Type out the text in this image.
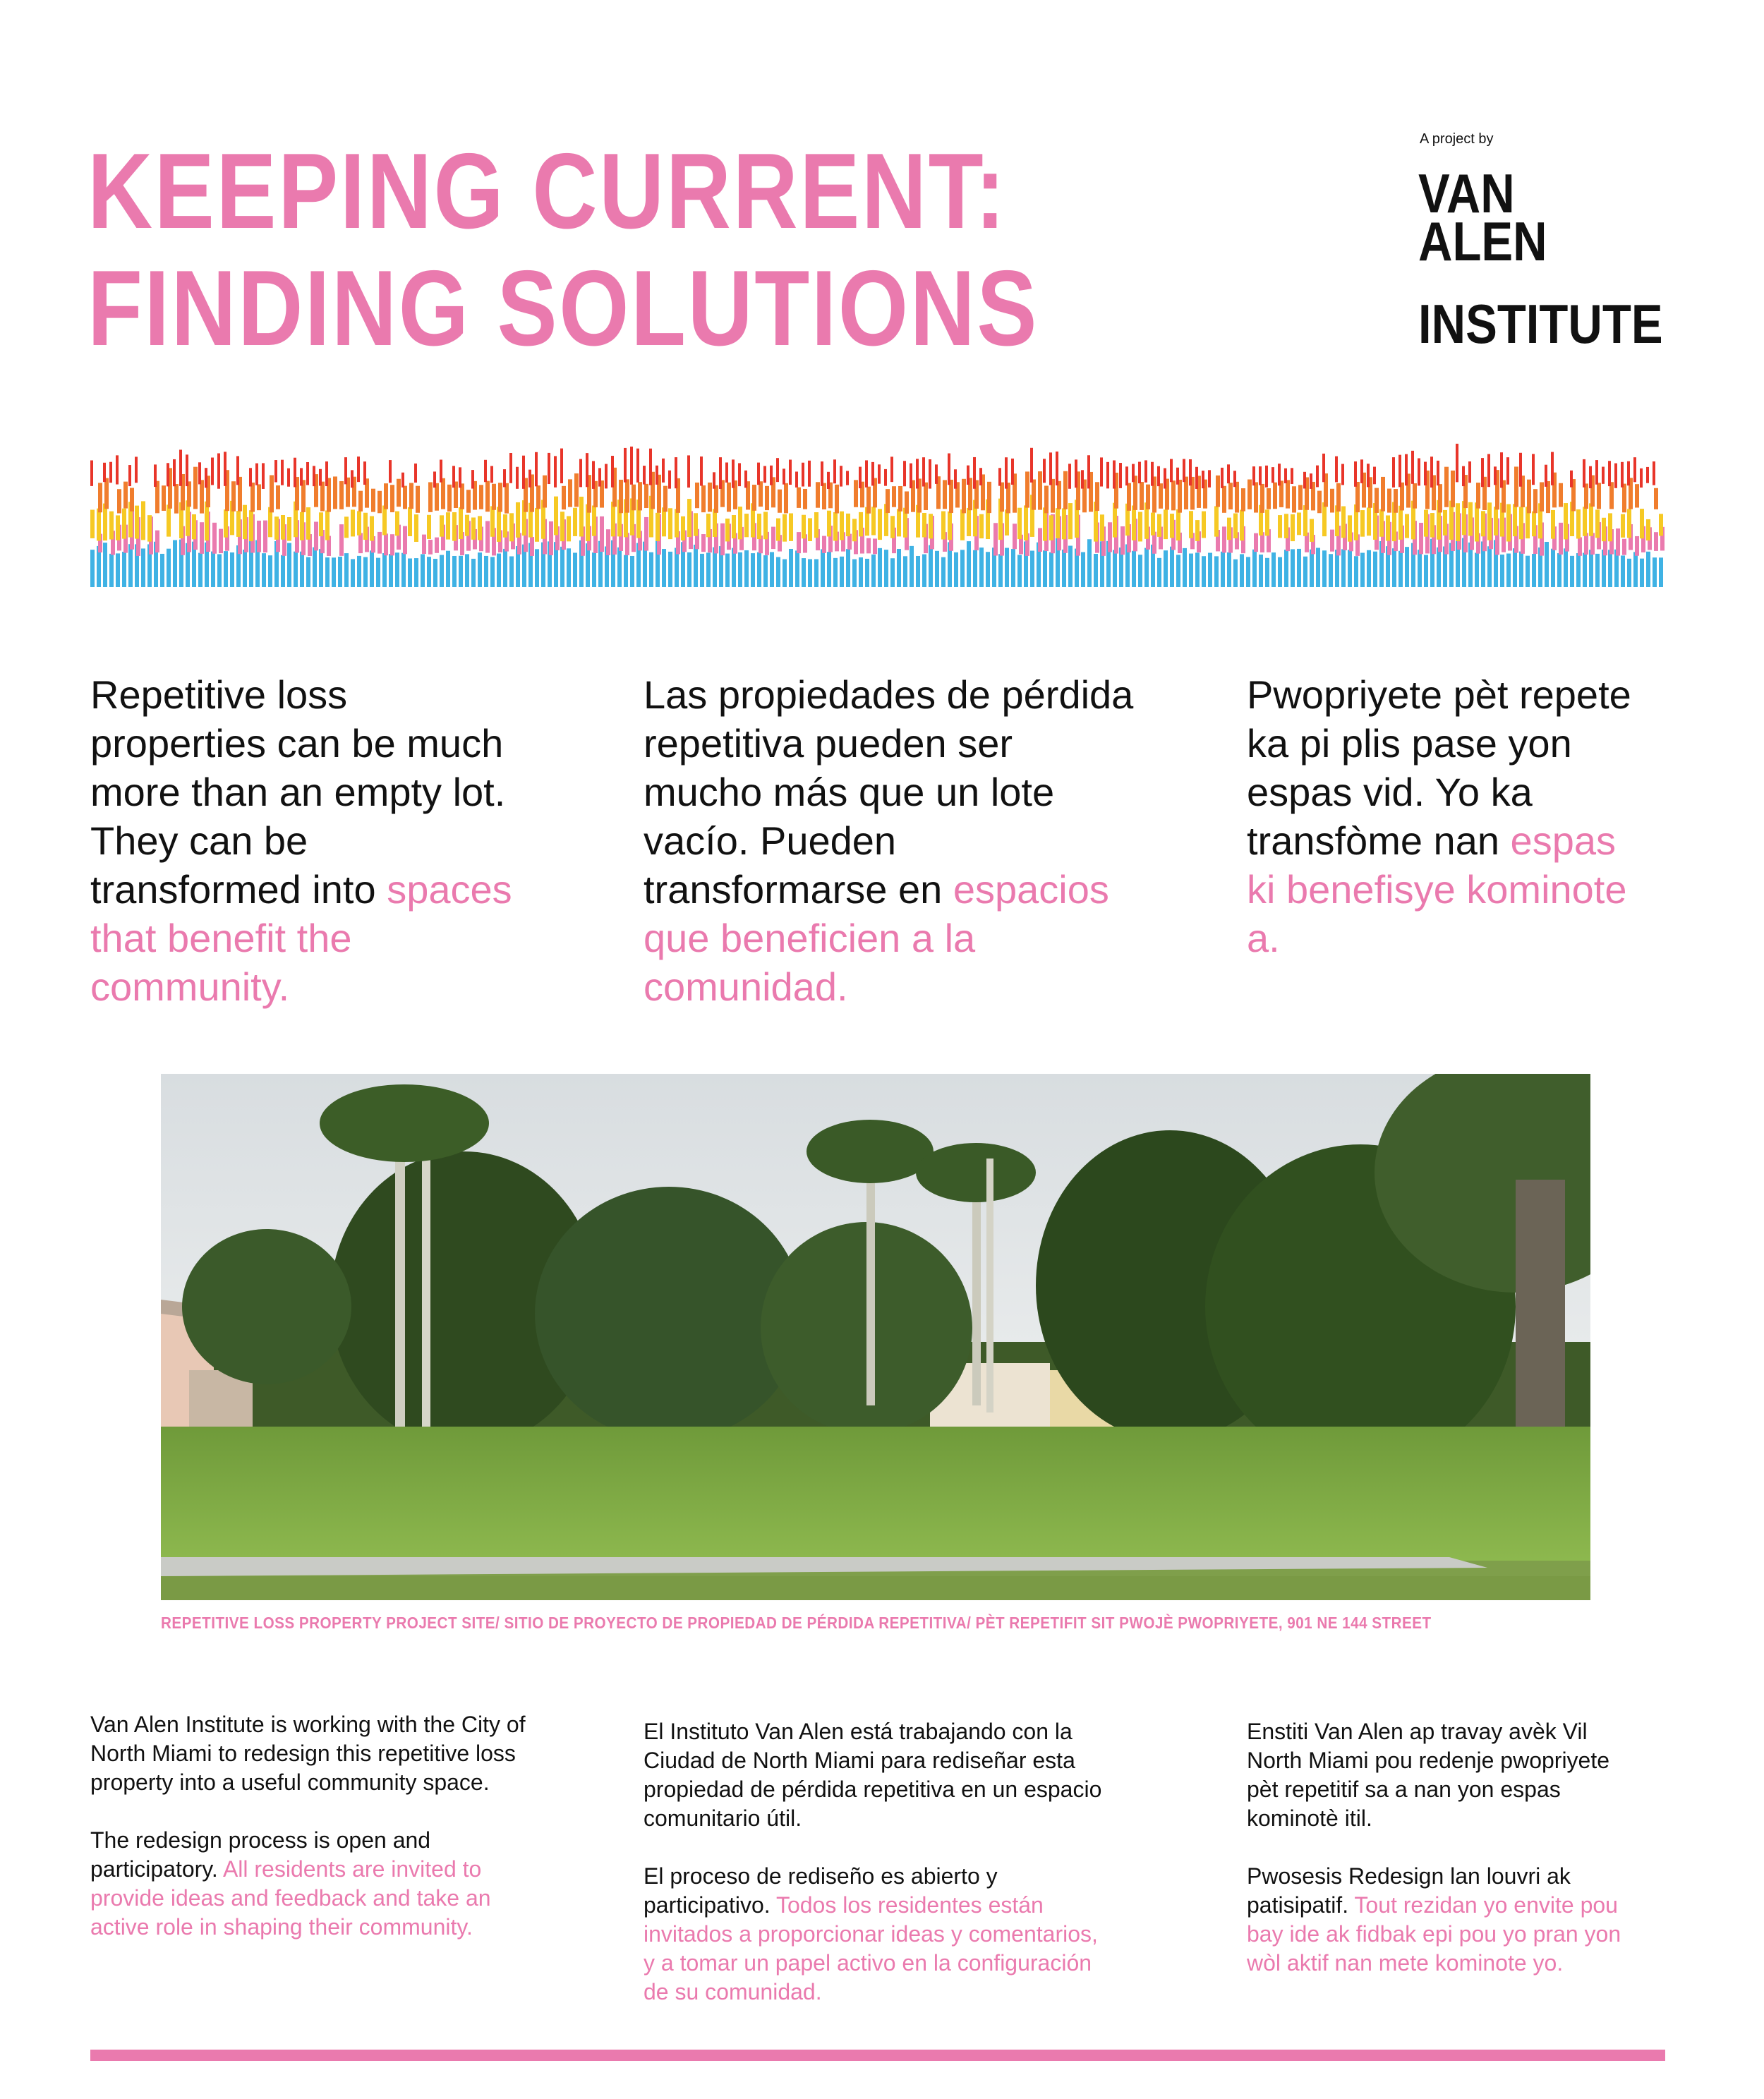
KEEPING CURRENT:
FINDING SOLUTIONS
A project by
VAN
ALEN
INSTITUTE

Repetitive loss properties can be much more than an empty lot. They can be transformed into spaces that benefit the community.

Las propiedades de pérdida repetitiva pueden ser mucho más que un lote vacío. Pueden transformarse en espacios que beneficien a la comunidad.

Pwopriyete pèt repete ka pi plis pase yon espas vid. Yo ka transfòme nan espas ki benefisye kominote a.

REPETITIVE LOSS PROPERTY PROJECT SITE/ SITIO DE PROYECTO DE PROPIEDAD DE PÉRDIDA REPETITIVA/ PÈT REPETIFIT SIT PWOJÈ PWOPRIYETE, 901 NE 144 STREET

Van Alen Institute is working with the City of North Miami to redesign this repetitive loss property into a useful community space.

The redesign process is open and participatory. All residents are invited to provide ideas and feedback and take an active role in shaping their community.

El Instituto Van Alen está trabajando con la Ciudad de North Miami para rediseñar esta propiedad de pérdida repetitiva en un espacio comunitario útil.

El proceso de rediseño es abierto y participativo. Todos los residentes están invitados a proporcionar ideas y comentarios, y a tomar un papel activo en la configuración de su comunidad.

Enstiti Van Alen ap travay avèk Vil North Miami pou redenje pwopriyete pèt repetitif sa a nan yon espas kominotè itil.

Pwosesis Redesign lan louvri ak patisipatif. Tout rezidan yo envite pou bay ide ak fidbak epi pou yo pran yon wòl aktif nan mete kominote yo.
